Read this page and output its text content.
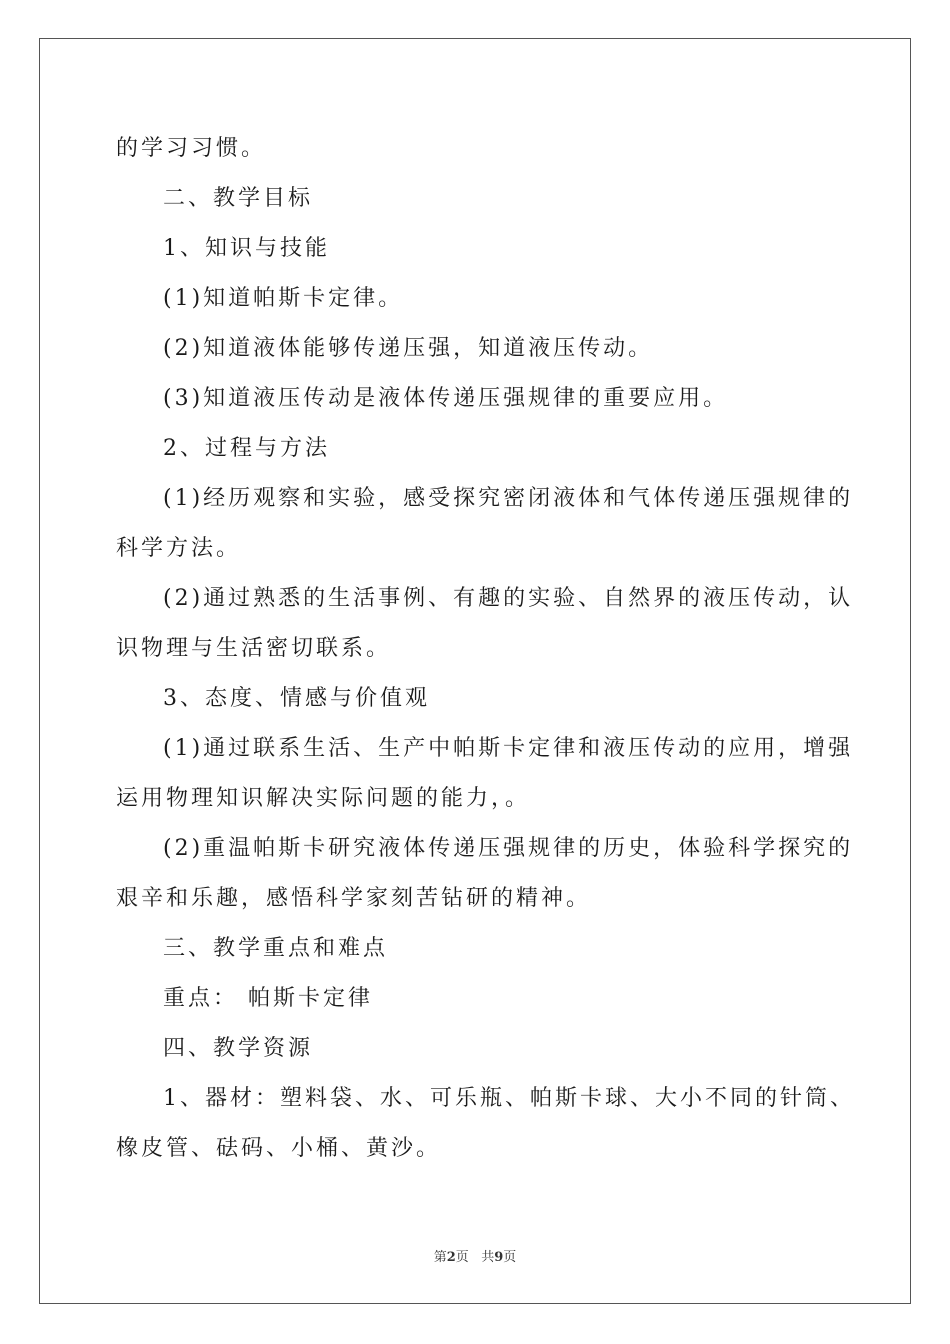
的学习习惯。
二、教学目标
1、知识与技能
(1)知道帕斯卡定律。
(2)知道液体能够传递压强，知道液压传动。
(3)知道液压传动是液体传递压强规律的重要应用。
2、过程与方法
(1)经历观察和实验，感受探究密闭液体和气体传递压强规律的
科学方法。
(2)通过熟悉的生活事例、有趣的实验、自然界的液压传动，认
识物理与生活密切联系。
3、态度、情感与价值观
(1)通过联系生活、生产中帕斯卡定律和液压传动的应用，增强
运用物理知识解决实际问题的能力，。
(2)重温帕斯卡研究液体传递压强规律的历史，体验科学探究的
艰辛和乐趣，感悟科学家刻苦钻研的精神。
三、教学重点和难点
重点： 帕斯卡定律
四、教学资源
1、器材：塑料袋、水、可乐瓶、帕斯卡球、大小不同的针筒、
橡皮管、砝码、小桶、黄沙。
第2页 共9页
